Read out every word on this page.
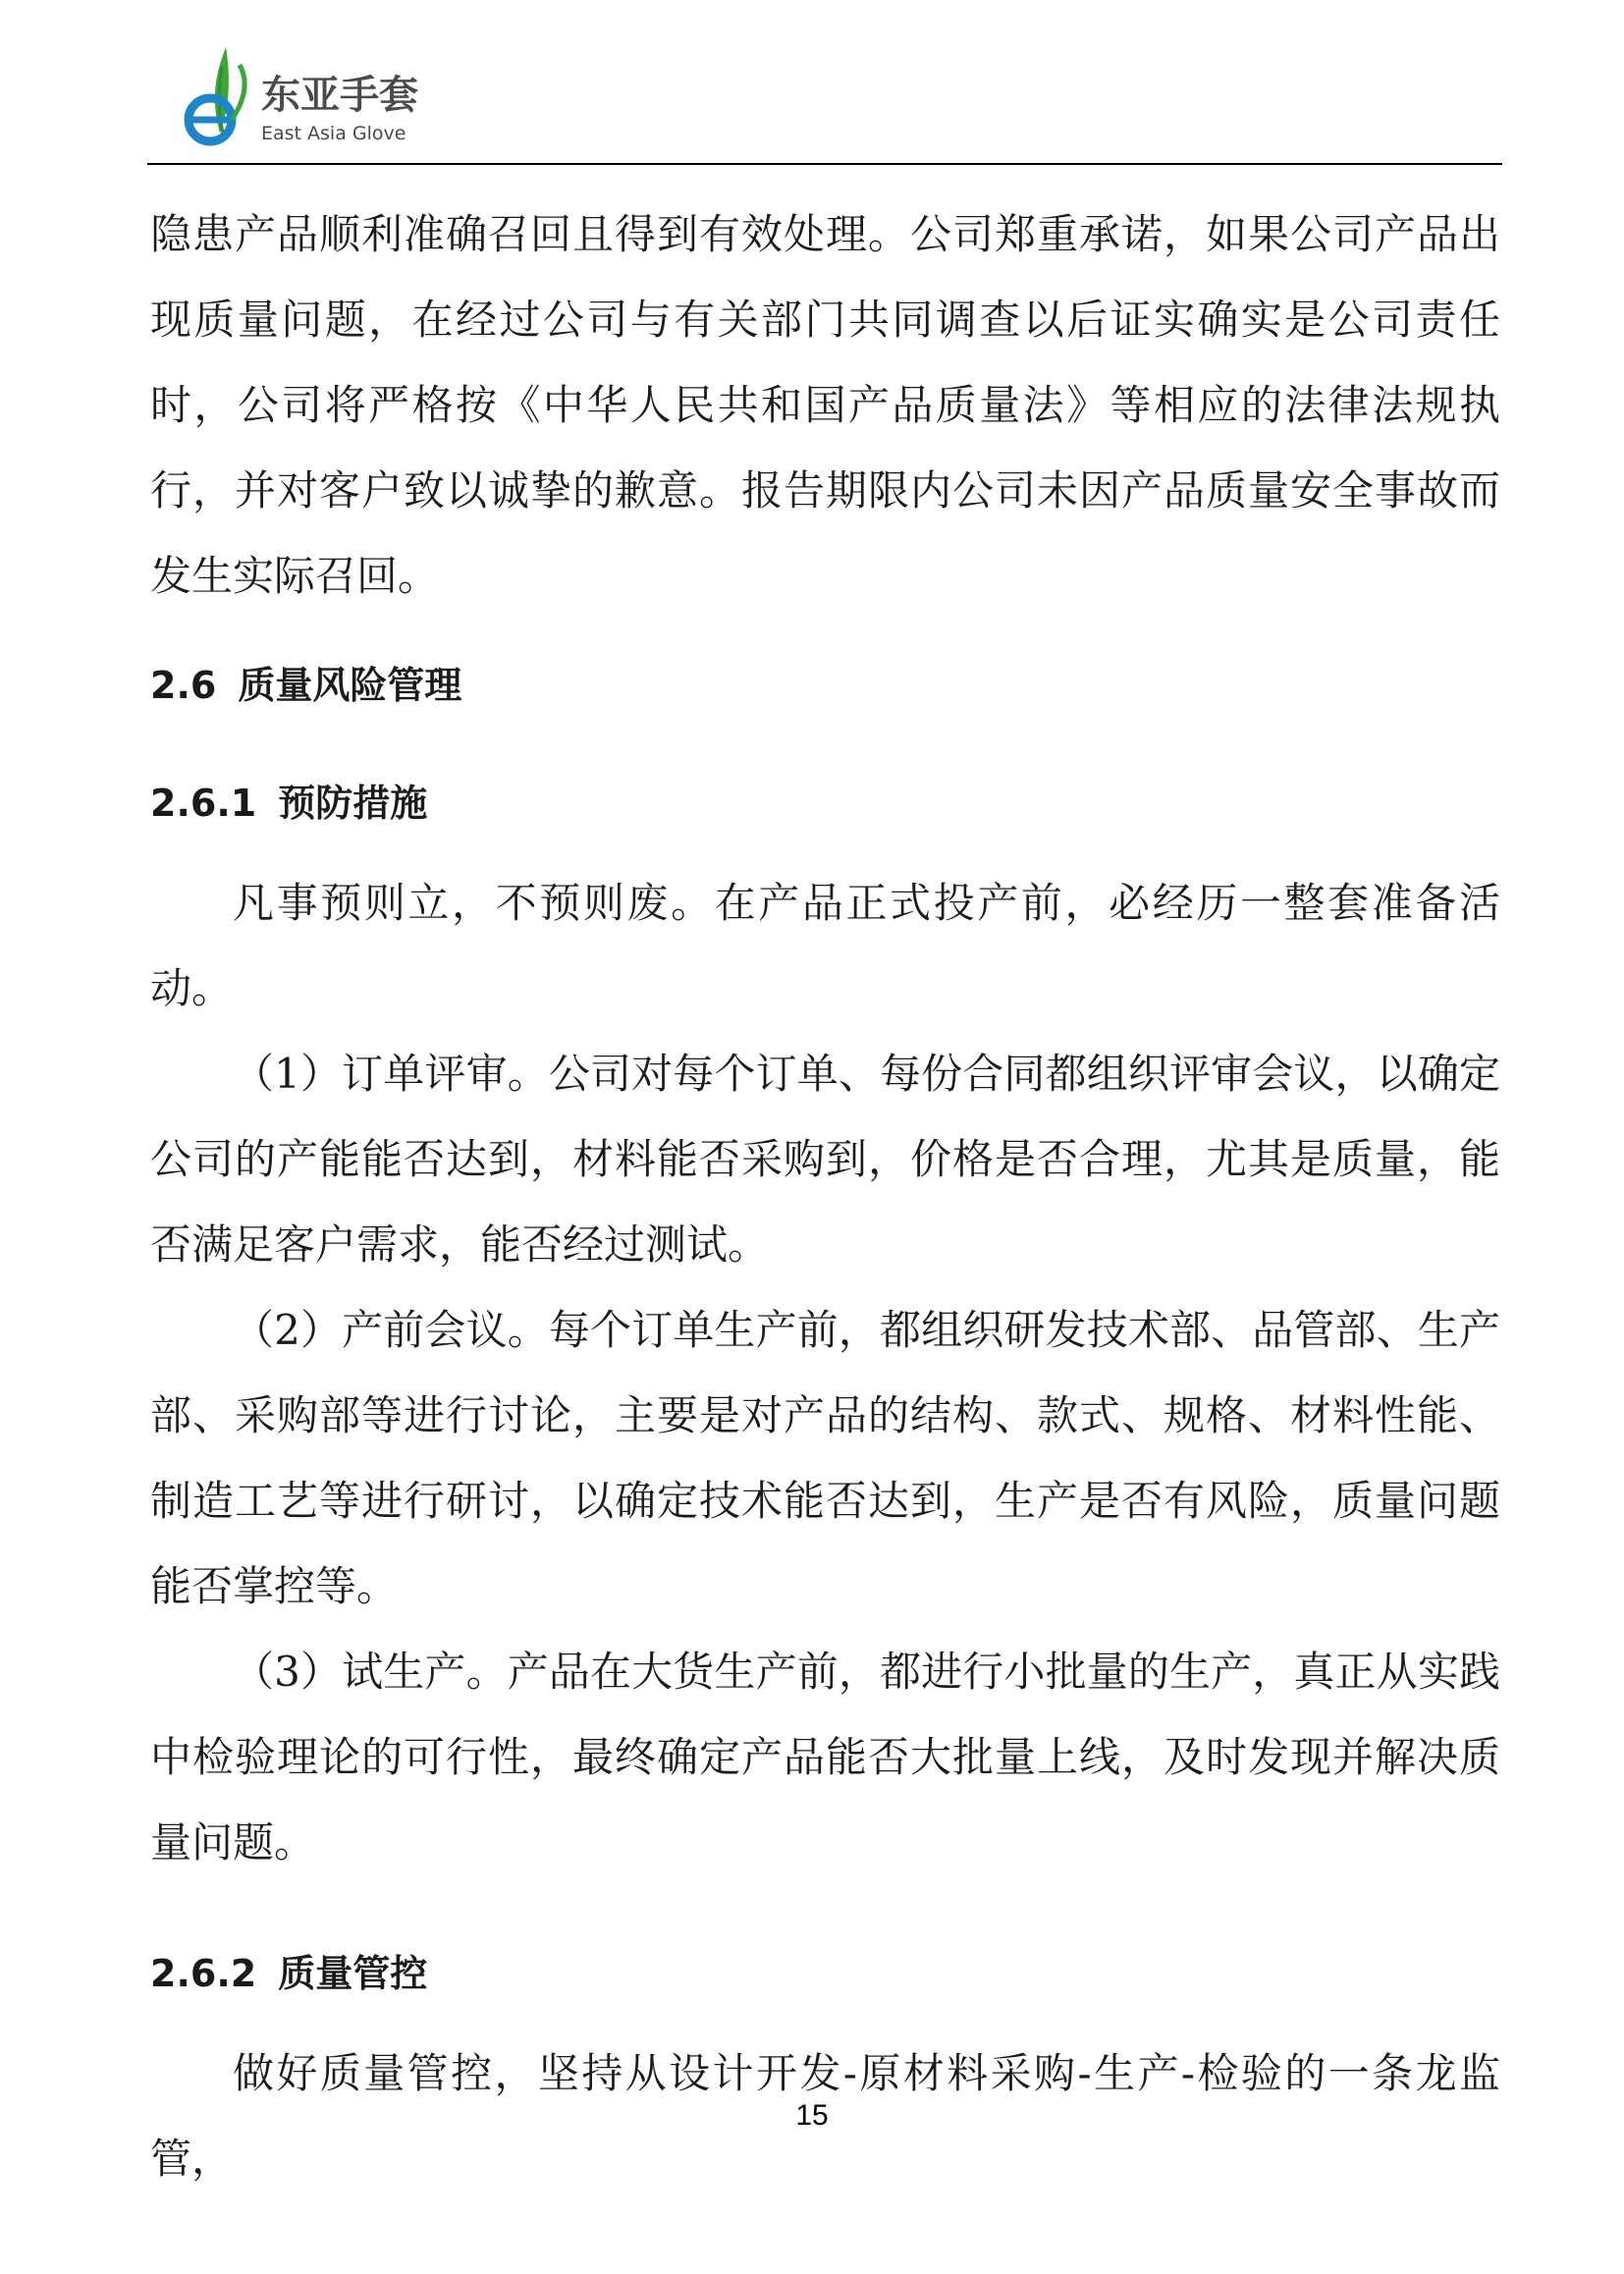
东亚手套
East Asia Glove

隐患产品顺利准确召回且得到有效处理。公司郑重承诺，如果公司产品出现质量问题，在经过公司与有关部门共同调查以后证实确实是公司责任时，公司将严格按《中华人民共和国产品质量法》等相应的法律法规执行，并对客户致以诚挚的歉意。报告期限内公司未因产品质量安全事故而发生实际召回。

2.6 质量风险管理
2.6.1 预防措施

凡事预则立，不预则废。在产品正式投产前，必经历一整套准备活动。

（1）订单评审。公司对每个订单、每份合同都组织评审会议，以确定公司的产能能否达到，材料能否采购到，价格是否合理，尤其是质量，能否满足客户需求，能否经过测试。

（2）产前会议。每个订单生产前，都组织研发技术部、品管部、生产部、采购部等进行讨论，主要是对产品的结构、款式、规格、材料性能、制造工艺等进行研讨，以确定技术能否达到，生产是否有风险，质量问题能否掌控等。

（3）试生产。产品在大货生产前，都进行小批量的生产，真正从实践中检验理论的可行性，最终确定产品能否大批量上线，及时发现并解决质量问题。

2.6.2 质量管控

做好质量管控，坚持从设计开发-原材料采购-生产-检验的一条龙监管，

15
